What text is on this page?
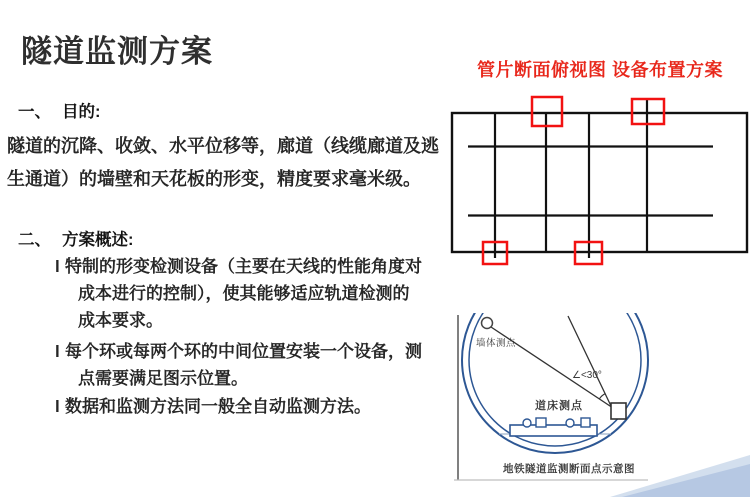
隧道监测方案
管片断面俯视图 设备布置方案
一、 目的:
隧道的沉降、收敛、水平位移等，廊道（线缆廊道及逃
生通道）的墙壁和天花板的形变，精度要求毫米级。
二、 方案概述:
l 特制的形变检测设备（主要在天线的性能角度对
成本进行的控制），使其能够适应轨道检测的
成本要求。
l 每个环或每两个环的中间位置安装一个设备，测
点需要满足图示位置。
l 数据和监测方法同一般全自动监测方法。
墙体测点
∠<30°
道床测点
地铁隧道监测断面点示意图
